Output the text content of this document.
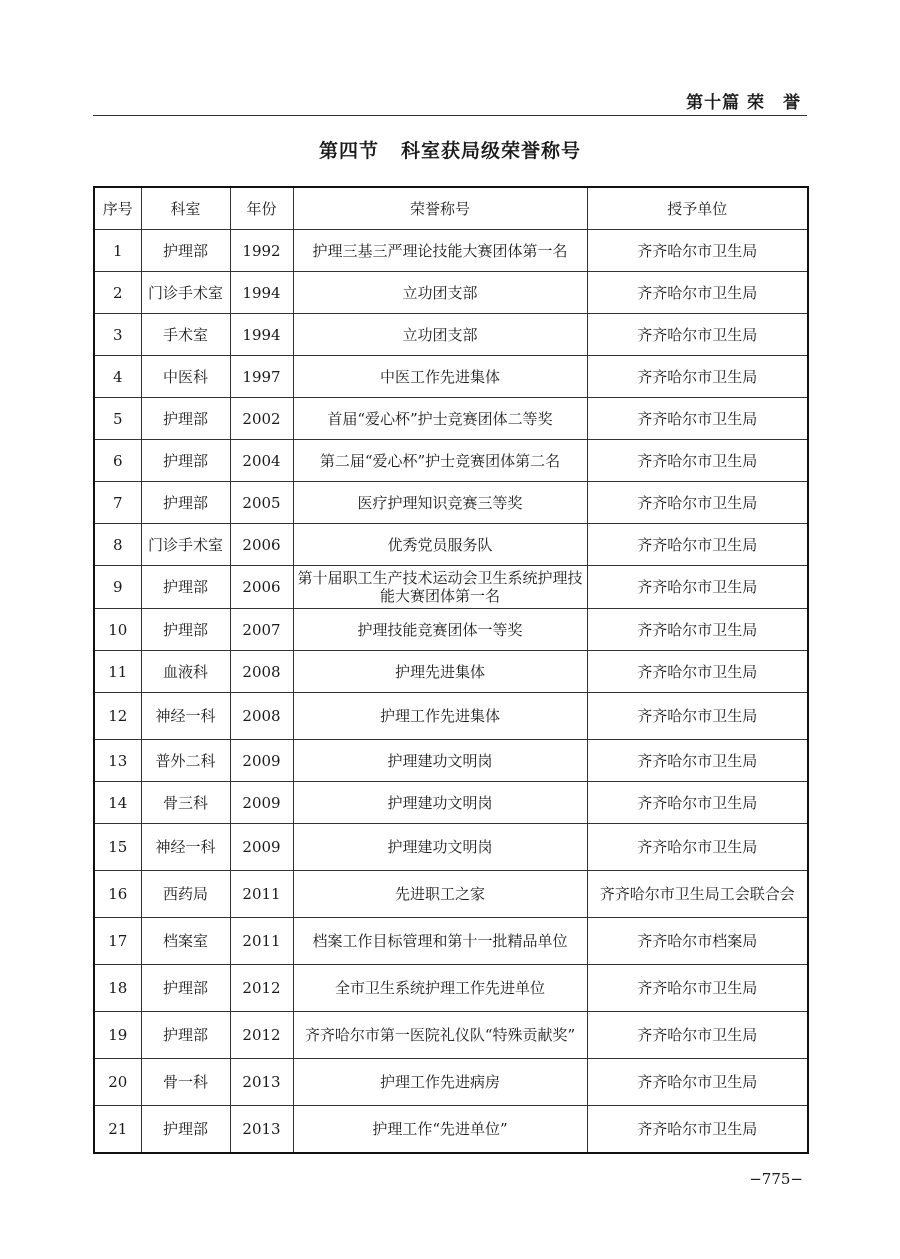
第十篇 荣　誉
第四节 科室获局级荣誉称号
序号	科室	年份	荣誉称号	授予单位
1	护理部	1992	护理三基三严理论技能大赛团体第一名	齐齐哈尔市卫生局
2	门诊手术室	1994	立功团支部	齐齐哈尔市卫生局
3	手术室	1994	立功团支部	齐齐哈尔市卫生局
4	中医科	1997	中医工作先进集体	齐齐哈尔市卫生局
5	护理部	2002	首届“爱心杯”护士竞赛团体二等奖	齐齐哈尔市卫生局
6	护理部	2004	第二届“爱心杯”护士竞赛团体第二名	齐齐哈尔市卫生局
7	护理部	2005	医疗护理知识竞赛三等奖	齐齐哈尔市卫生局
8	门诊手术室	2006	优秀党员服务队	齐齐哈尔市卫生局
9	护理部	2006	第十届职工生产技术运动会卫生系统护理技能大赛团体第一名	齐齐哈尔市卫生局
10	护理部	2007	护理技能竞赛团体一等奖	齐齐哈尔市卫生局
11	血液科	2008	护理先进集体	齐齐哈尔市卫生局
12	神经一科	2008	护理工作先进集体	齐齐哈尔市卫生局
13	普外二科	2009	护理建功文明岗	齐齐哈尔市卫生局
14	骨三科	2009	护理建功文明岗	齐齐哈尔市卫生局
15	神经一科	2009	护理建功文明岗	齐齐哈尔市卫生局
16	西药局	2011	先进职工之家	齐齐哈尔市卫生局工会联合会
17	档案室	2011	档案工作目标管理和第十一批精品单位	齐齐哈尔市档案局
18	护理部	2012	全市卫生系统护理工作先进单位	齐齐哈尔市卫生局
19	护理部	2012	齐齐哈尔市第一医院礼仪队“特殊贡献奖”	齐齐哈尔市卫生局
20	骨一科	2013	护理工作先进病房	齐齐哈尔市卫生局
21	护理部	2013	护理工作“先进单位”	齐齐哈尔市卫生局
−775−
